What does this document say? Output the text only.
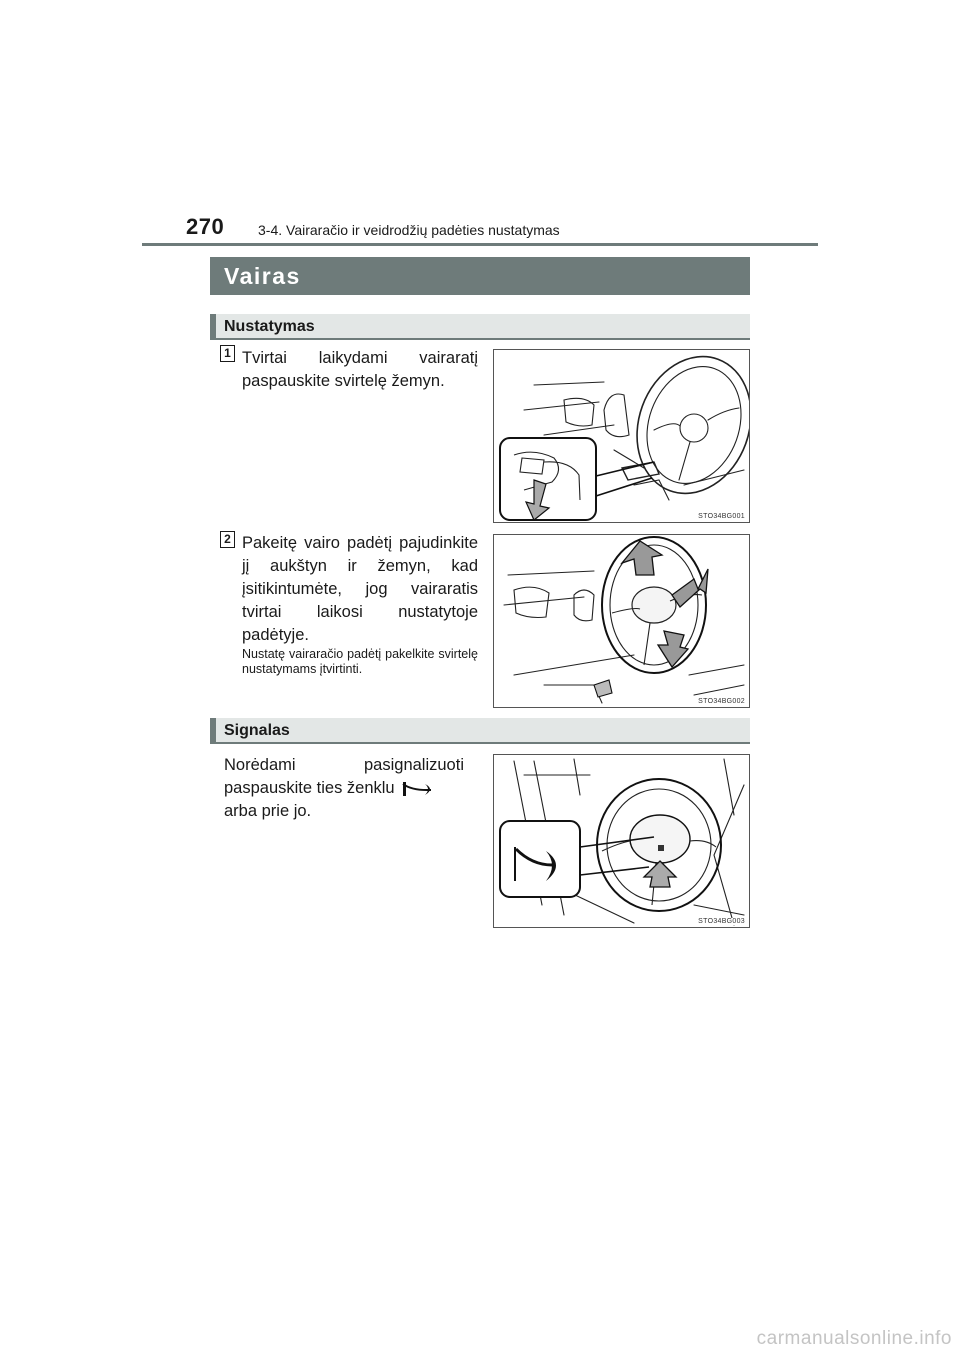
270 3-4. Vairaračio ir veidrodžių padėties nustatymas
Vairas
Nustatymas
1 Tvirtai laikydami vairaratį paspauskite svirtelę žemyn.
STO34BG001
2 Pakeitę vairo padėtį pajudinkite jį aukštyn ir žemyn, kad įsitikintumėte, jog vairaratis tvirtai laikosi nustatytoje padėtyje.
Nustatę vairaračio padėtį pakelkite svirtelę nustatymams įtvirtinti.
STO34BG002
Signalas
Norėdami pasignalizuoti paspauskite ties ženklu
arba prie jo.
STO34BG003
carmanualsonline.info
